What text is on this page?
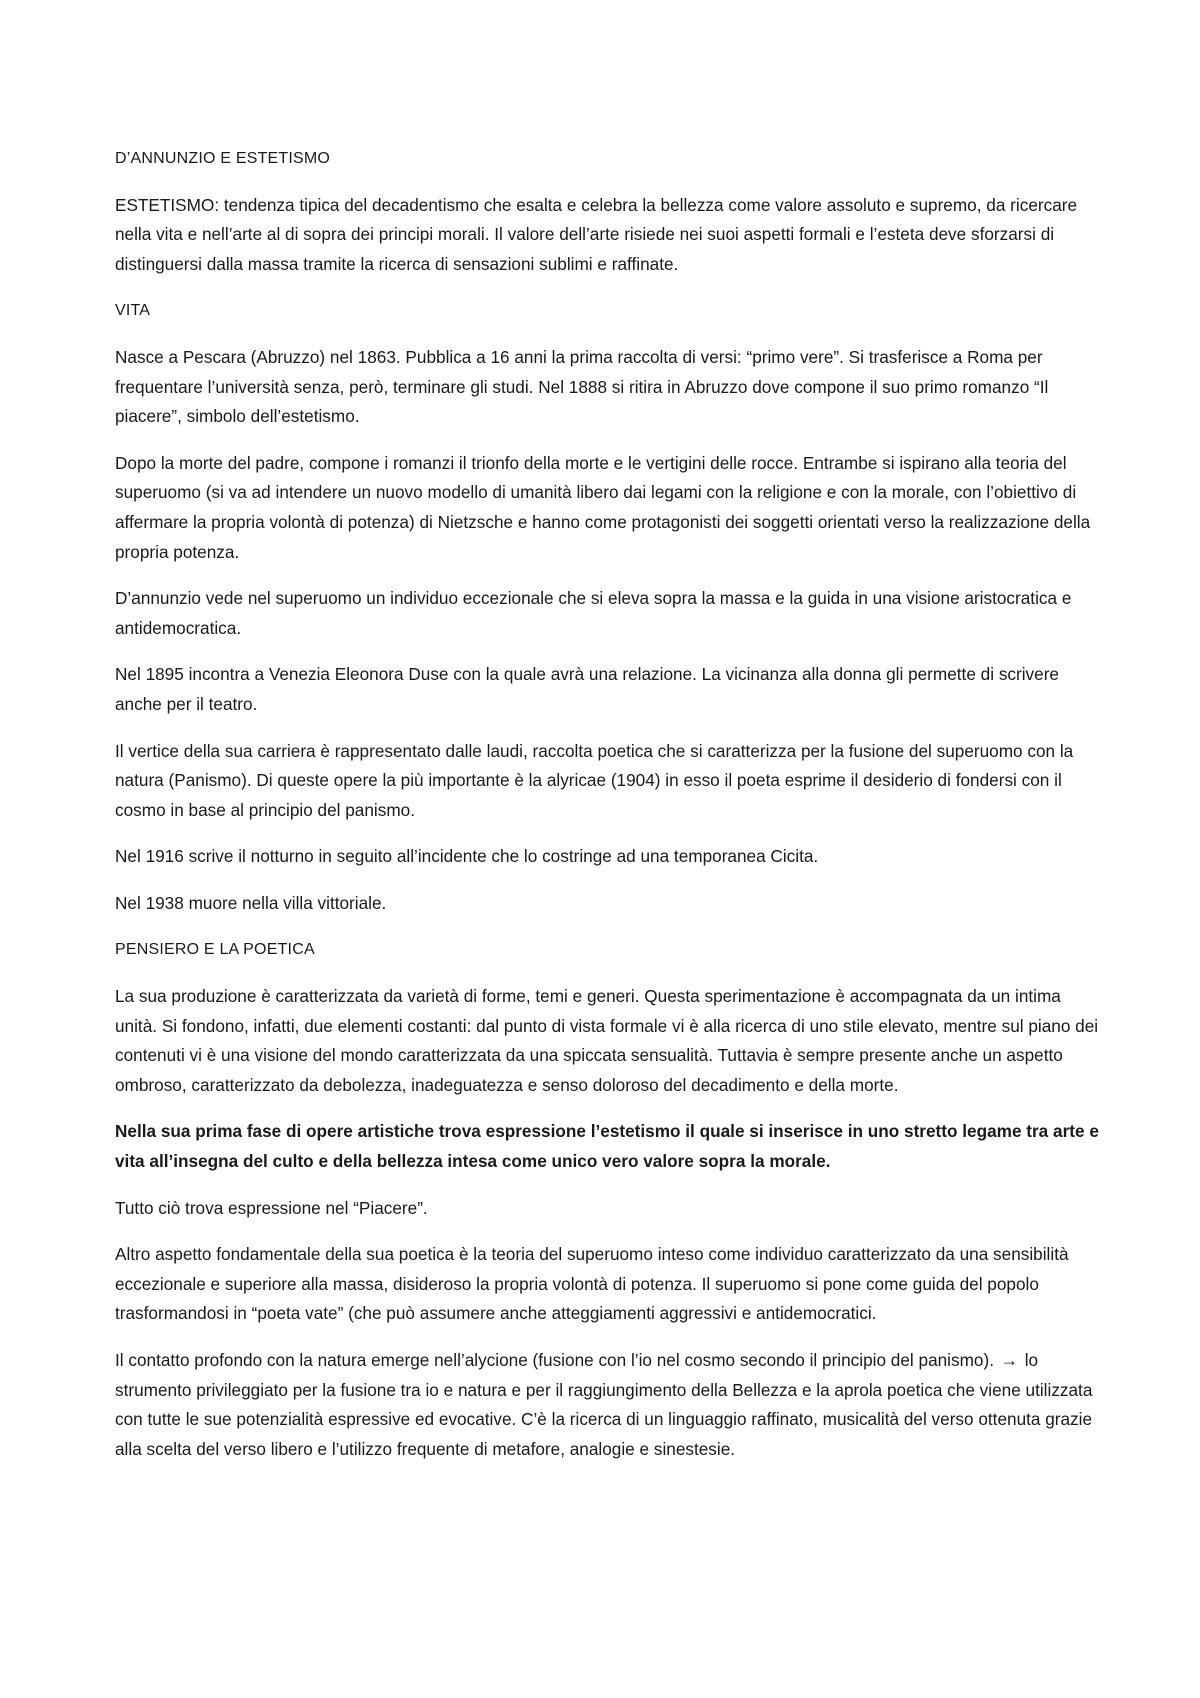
D’ANNUNZIO E ESTETISMO

ESTETISMO: tendenza tipica del decadentismo che esalta e celebra la bellezza come valore assoluto e supremo, da ricercare nella vita e nell’arte al di sopra dei principi morali. Il valore dell’arte risiede nei suoi aspetti formali e l’esteta deve sforzarsi di distinguersi dalla massa tramite la ricerca di sensazioni sublimi e raffinate.

VITA

Nasce a Pescara (Abruzzo) nel 1863. Pubblica a 16 anni la prima raccolta di versi: “primo vere”. Si trasferisce a Roma per frequentare l’università senza, però, terminare gli studi. Nel 1888 si ritira in Abruzzo dove compone il suo primo romanzo “Il piacere”, simbolo dell’estetismo.

Dopo la morte del padre, compone i romanzi il trionfo della morte e le vertigini delle rocce. Entrambe si ispirano alla teoria del superuomo (si va ad intendere un nuovo modello di umanità libero dai legami con la religione e con la morale, con l’obiettivo di affermare la propria volontà di potenza) di Nietzsche e hanno come protagonisti dei soggetti orientati verso la realizzazione della propria potenza.

D’annunzio vede nel superuomo un individuo eccezionale che si eleva sopra la massa e la guida in una visione aristocratica e antidemocratica.

Nel 1895 incontra a Venezia Eleonora Duse con la quale avrà una relazione. La vicinanza alla donna gli permette di scrivere anche per il teatro.

Il vertice della sua carriera è rappresentato dalle laudi, raccolta poetica che si caratterizza per la fusione del superuomo con la natura (Panismo). Di queste opere la più importante è la alyricae (1904) in esso il poeta esprime il desiderio di fondersi con il cosmo in base al principio del panismo.

Nel 1916 scrive il notturno in seguito all’incidente che lo costringe ad una temporanea Cicita.

Nel 1938 muore nella villa vittoriale.

PENSIERO E LA POETICA

La sua produzione è caratterizzata da varietà di forme, temi e generi. Questa sperimentazione è accompagnata da un intima unità. Si fondono, infatti, due elementi costanti: dal punto di vista formale vi è alla ricerca di uno stile elevato, mentre sul piano dei contenuti vi è una visione del mondo caratterizzata da una spiccata sensualità. Tuttavia è sempre presente anche un aspetto ombroso, caratterizzato da debolezza, inadeguatezza e senso doloroso del decadimento e della morte.

Nella sua prima fase di opere artistiche trova espressione l’estetismo il quale si inserisce in uno stretto legame tra arte e vita all’insegna del culto e della bellezza intesa come unico vero valore sopra la morale.

Tutto ciò trova espressione nel “Piacere”.

Altro aspetto fondamentale della sua poetica è la teoria del superuomo inteso come individuo caratterizzato da una sensibilità eccezionale e superiore alla massa, disideroso la propria volontà di potenza. Il superuomo si pone come guida del popolo trasformandosi in “poeta vate” (che può assumere anche atteggiamenti aggressivi e antidemocratici.

Il contatto profondo con la natura emerge nell’alycione (fusione con l’io nel cosmo secondo il principio del panismo). → lo strumento privileggiato per la fusione tra io e natura e per il raggiungimento della Bellezza e la aprola poetica che viene utilizzata con tutte le sue potenzialità espressive ed evocative. C’è la ricerca di un linguaggio raffinato, musicalità del verso ottenuta grazie alla scelta del verso libero e l’utilizzo frequente di metafore, analogie e sinestesie.
